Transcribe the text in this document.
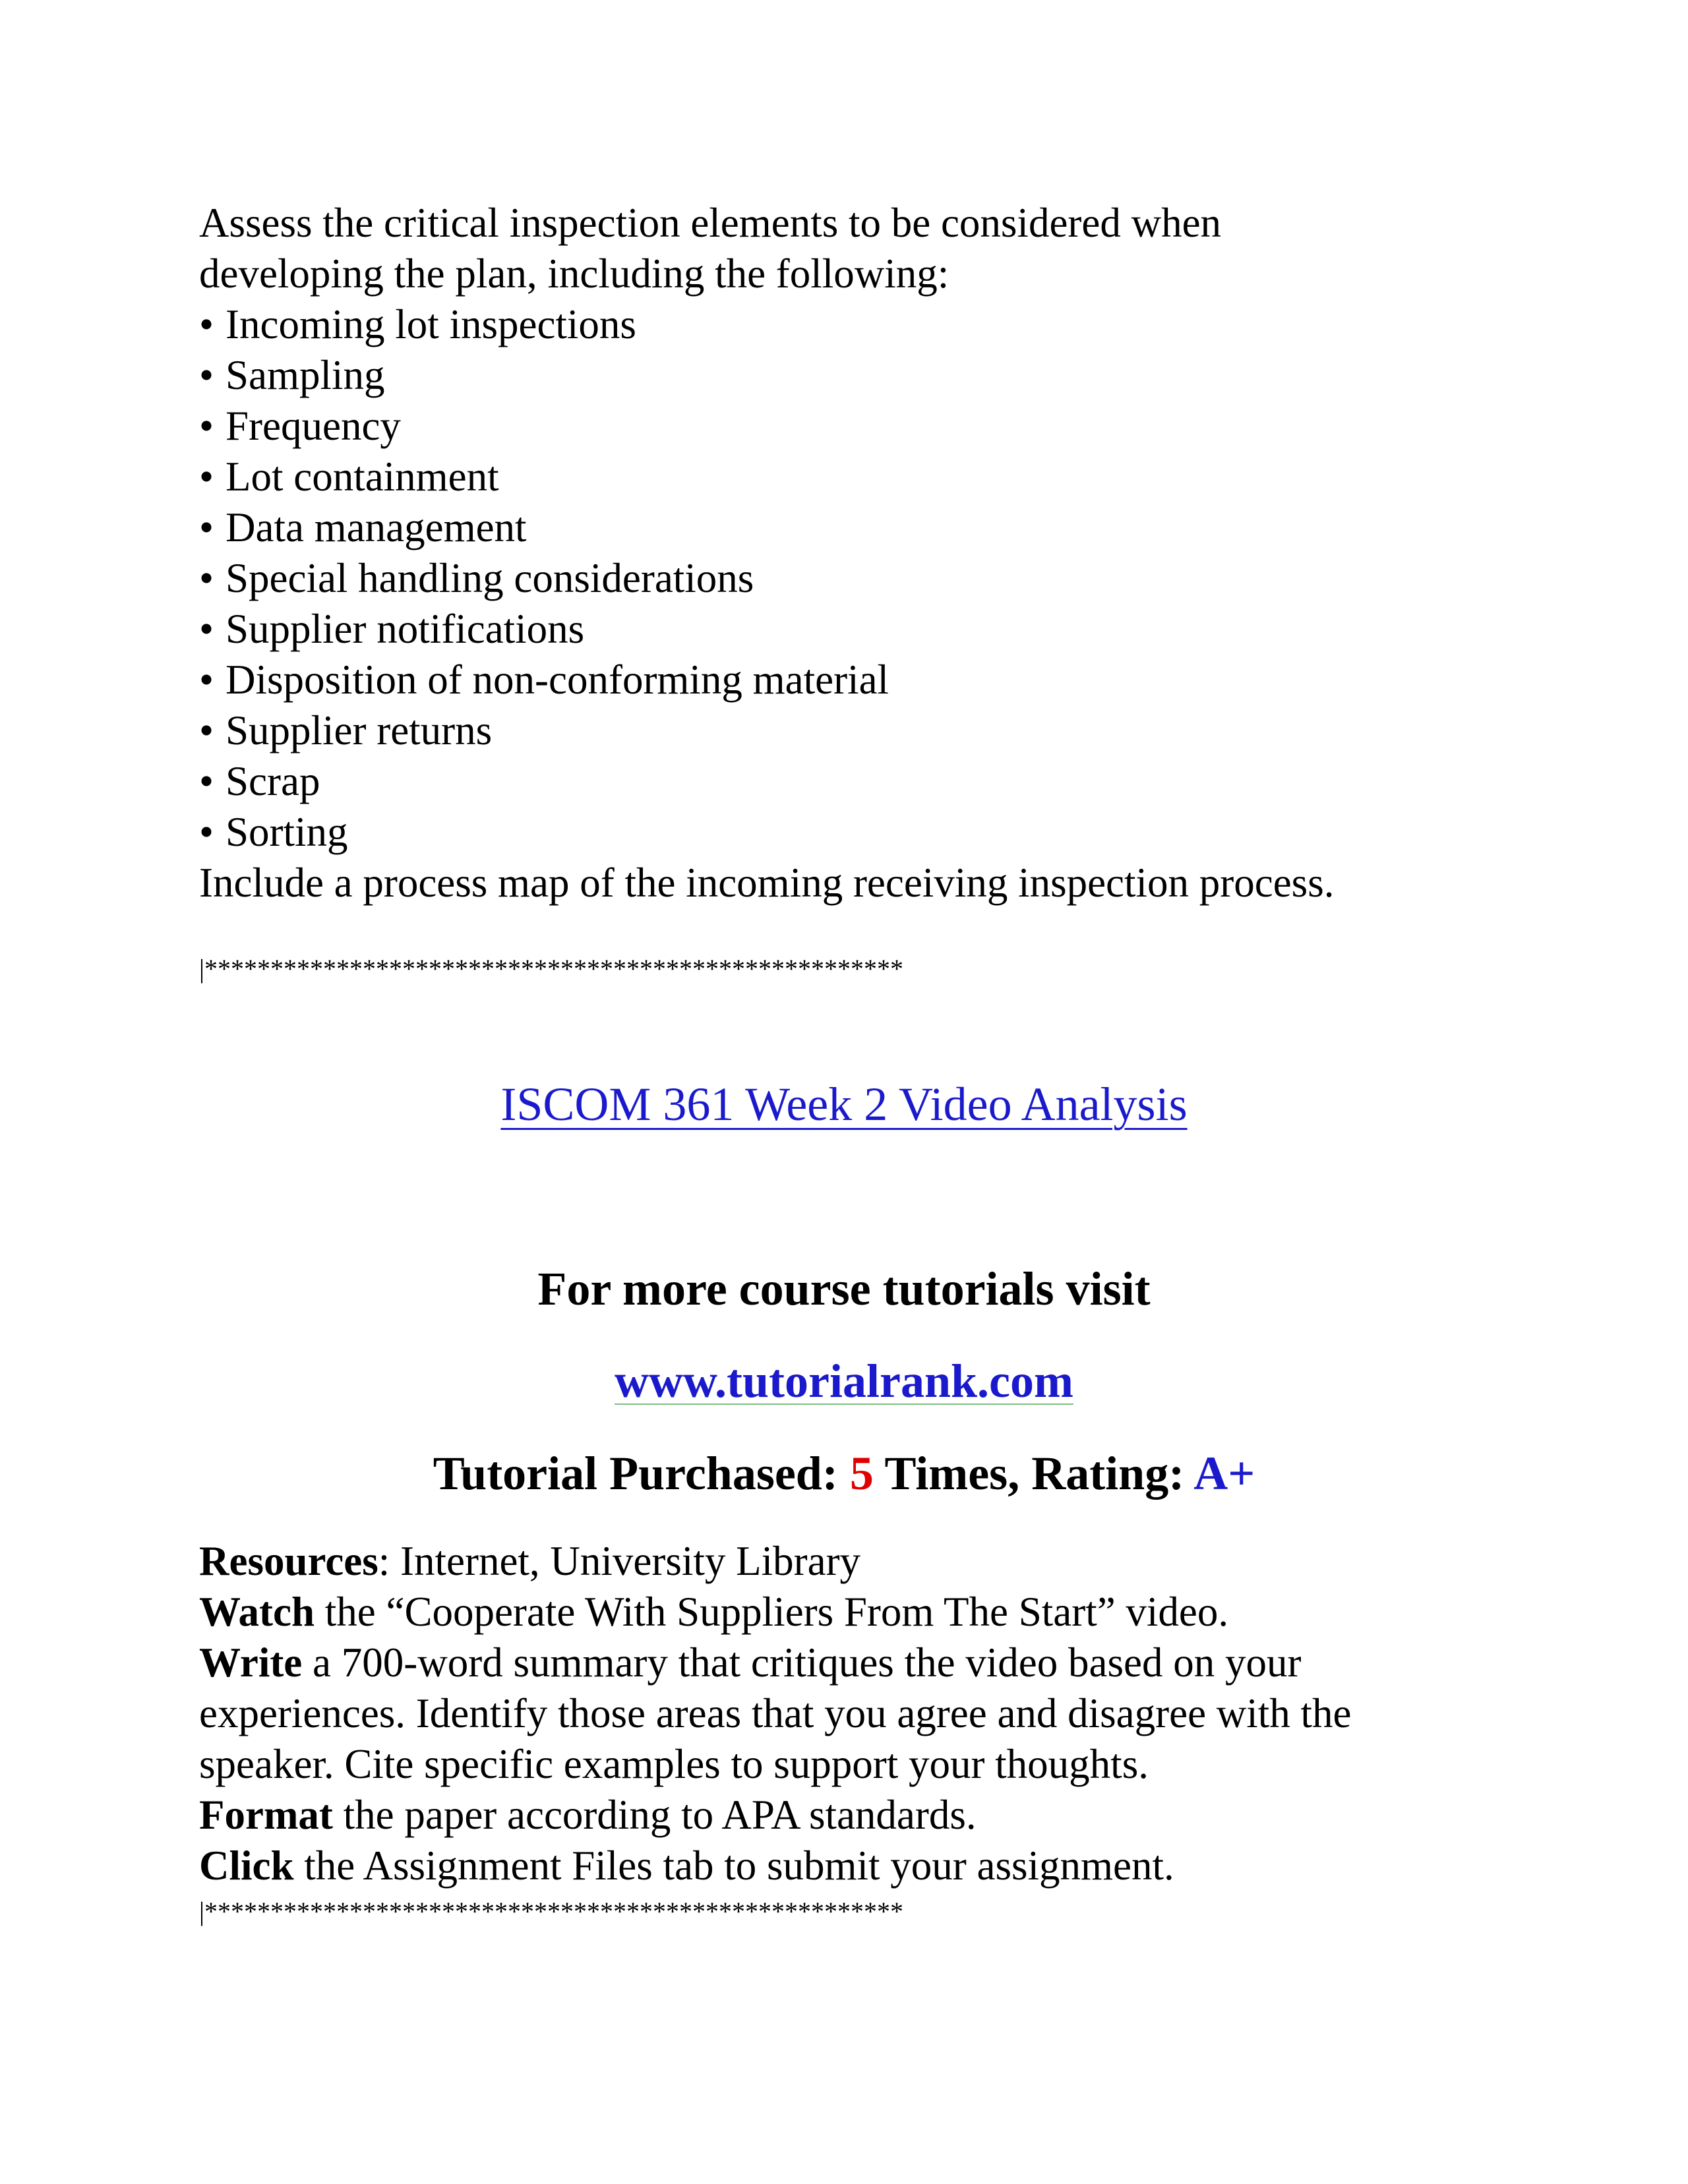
Assess the critical inspection elements to be considered when
developing the plan, including the following:
• Incoming lot inspections
• Sampling
• Frequency
• Lot containment
• Data management
• Special handling considerations
• Supplier notifications
• Disposition of non-conforming material
• Supplier returns
• Scrap
• Sorting
Include a process map of the incoming receiving inspection process.
|*****************************************************
ISCOM 361 Week 2 Video Analysis
For more course tutorials visit
www.tutorialrank.com
Tutorial Purchased: 5 Times, Rating: A+
Resources: Internet, University Library
Watch the “Cooperate With Suppliers From The Start” video.
Write a 700-word summary that critiques the video based on your
experiences. Identify those areas that you agree and disagree with the
speaker. Cite specific examples to support your thoughts.
Format the paper according to APA standards.
Click the Assignment Files tab to submit your assignment.
|*****************************************************
